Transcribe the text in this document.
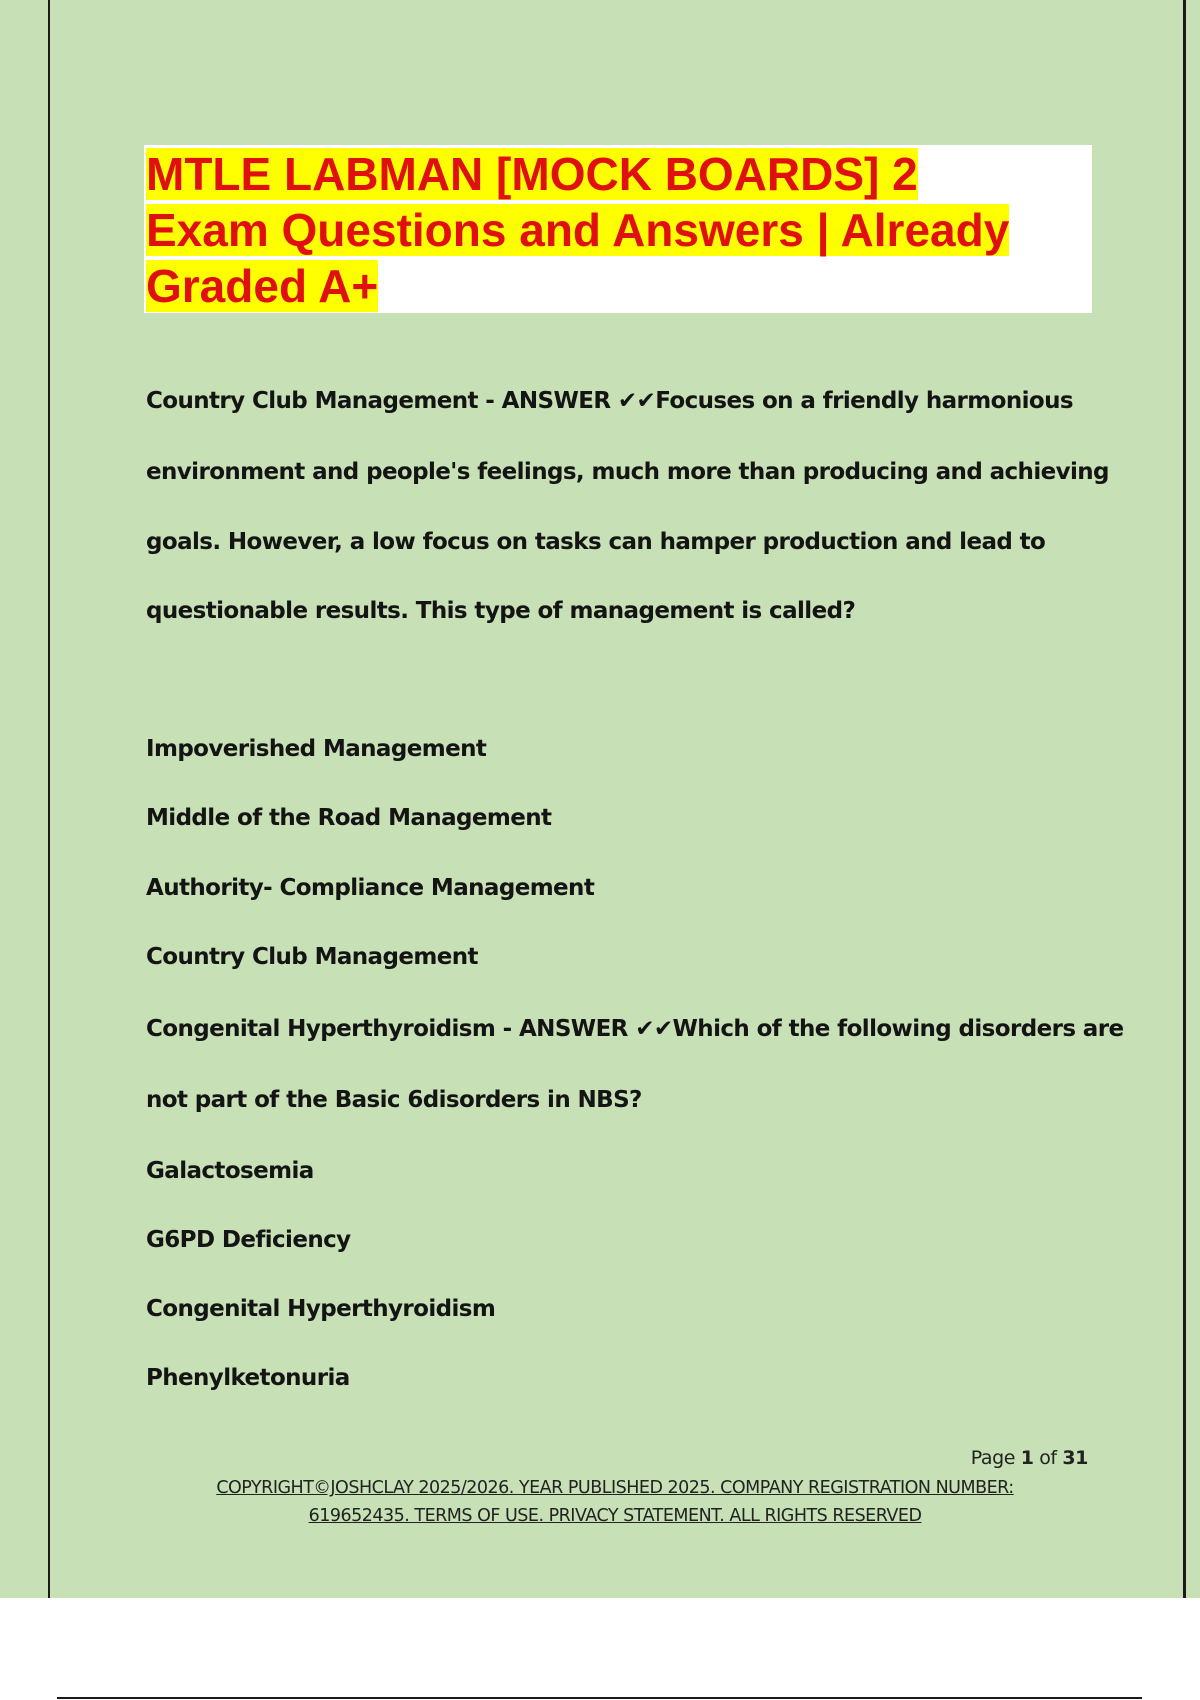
MTLE LABMAN [MOCK BOARDS] 2
Exam Questions and Answers | Already
Graded A+
Country Club Management - ANSWER ✔✔Focuses on a friendly harmonious
environment and people's feelings, much more than producing and achieving
goals. However, a low focus on tasks can hamper production and lead to
questionable results. This type of management is called?
Impoverished Management
Middle of the Road Management
Authority- Compliance Management
Country Club Management
Congenital Hyperthyroidism - ANSWER ✔✔Which of the following disorders are
not part of the Basic 6disorders in NBS?
Galactosemia
G6PD Deficiency
Congenital Hyperthyroidism
Phenylketonuria
Page 1 of 31
COPYRIGHT©JOSHCLAY 2025/2026. YEAR PUBLISHED 2025. COMPANY REGISTRATION NUMBER:
619652435. TERMS OF USE. PRIVACY STATEMENT. ALL RIGHTS RESERVED
